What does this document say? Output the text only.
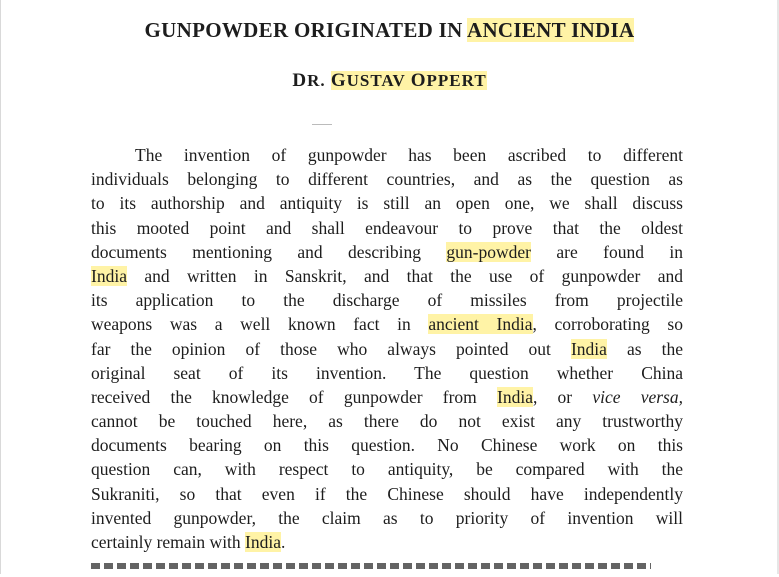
GUNPOWDER ORIGINATED IN ANCIENT INDIA
DR. GUSTAV OPPERT
The invention of gunpowder has been ascribed to different
individuals belonging to different countries, and as the question as
to its authorship and antiquity is still an open one, we shall discuss
this mooted point and shall endeavour to prove that the oldest
documents mentioning and describing gun-powder are found in
India and written in Sanskrit, and that the use of gunpowder and
its application to the discharge of missiles from projectile
weapons was a well known fact in ancient India, corroborating so
far the opinion of those who always pointed out India as the
original seat of its invention. The question whether China
received the knowledge of gunpowder from India, or vice versa,
cannot be touched here, as there do not exist any trustworthy
documents bearing on this question. No Chinese work on this
question can, with respect to antiquity, be compared with the
Sukraniti, so that even if the Chinese should have independently
invented gunpowder, the claim as to priority of invention will
certainly remain with India.
